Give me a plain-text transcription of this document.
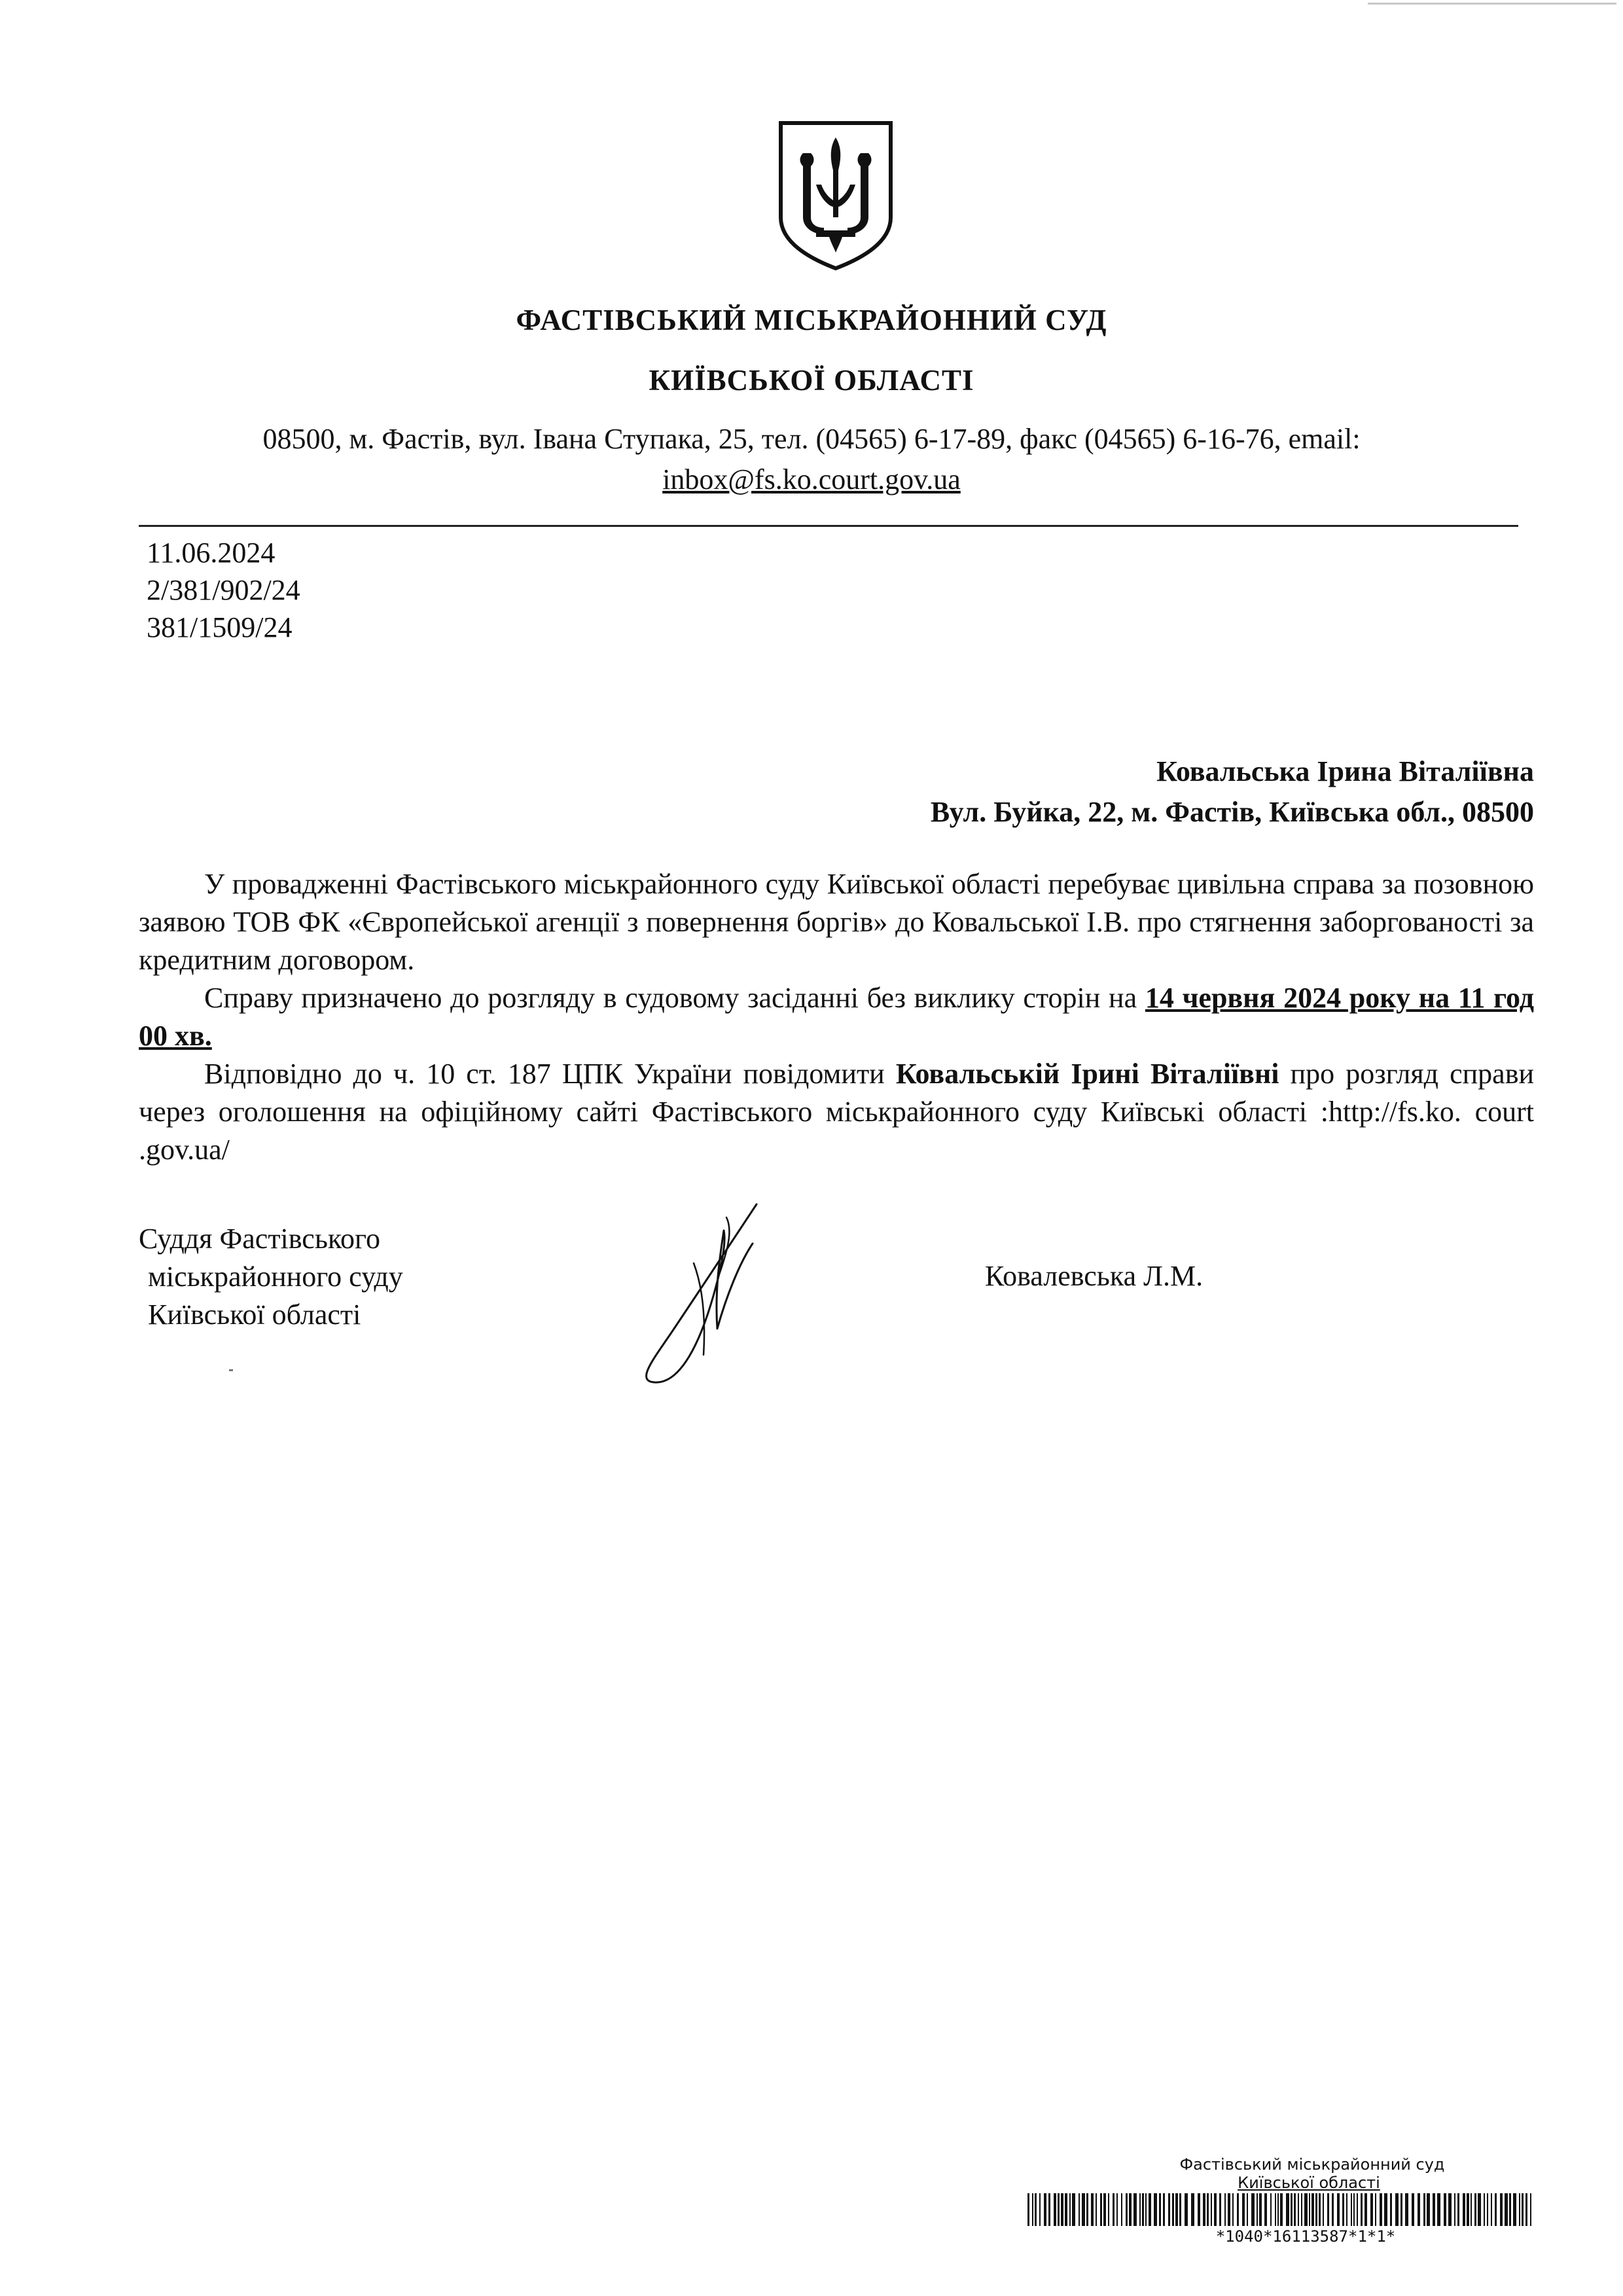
ФАСТІВСЬКИЙ МІСЬКРАЙОННИЙ СУД
КИЇВСЬКОЇ ОБЛАСТІ
08500, м. Фастів, вул. Івана Ступака, 25, тел. (04565) 6-17-89, факс (04565) 6-16-76, email:
inbox@fs.ko.court.gov.ua
11.06.2024
2/381/902/24
381/1509/24
Ковальська Ірина Віталіївна
Вул. Буйка, 22, м. Фастів, Київська обл., 08500

У провадженні Фастівського міськрайонного суду Київської області перебуває цивільна справа за позовною заявою ТОВ ФК «Європейської агенції з повернення боргів» до Ковальської І.В. про стягнення заборгованості за кредитним договором.

Справу призначено до розгляду в судовому засіданні без виклику сторін на 14 червня 2024 року на 11 год 00 хв.

Відповідно до ч. 10 ст. 187 ЦПК України повідомити Ковальській Ірині Віталіївні про розгляд справи через оголошення на офіційному сайті Фастівського міськрайонного суду Київські області :http://fs.ko. court .gov.ua/

Суддя Фастівського
міськрайонного суду
Київської області
Ковалевська Л.М.
Фастівський міськрайонний суд
Київської області
*1040*16113587*1*1*
